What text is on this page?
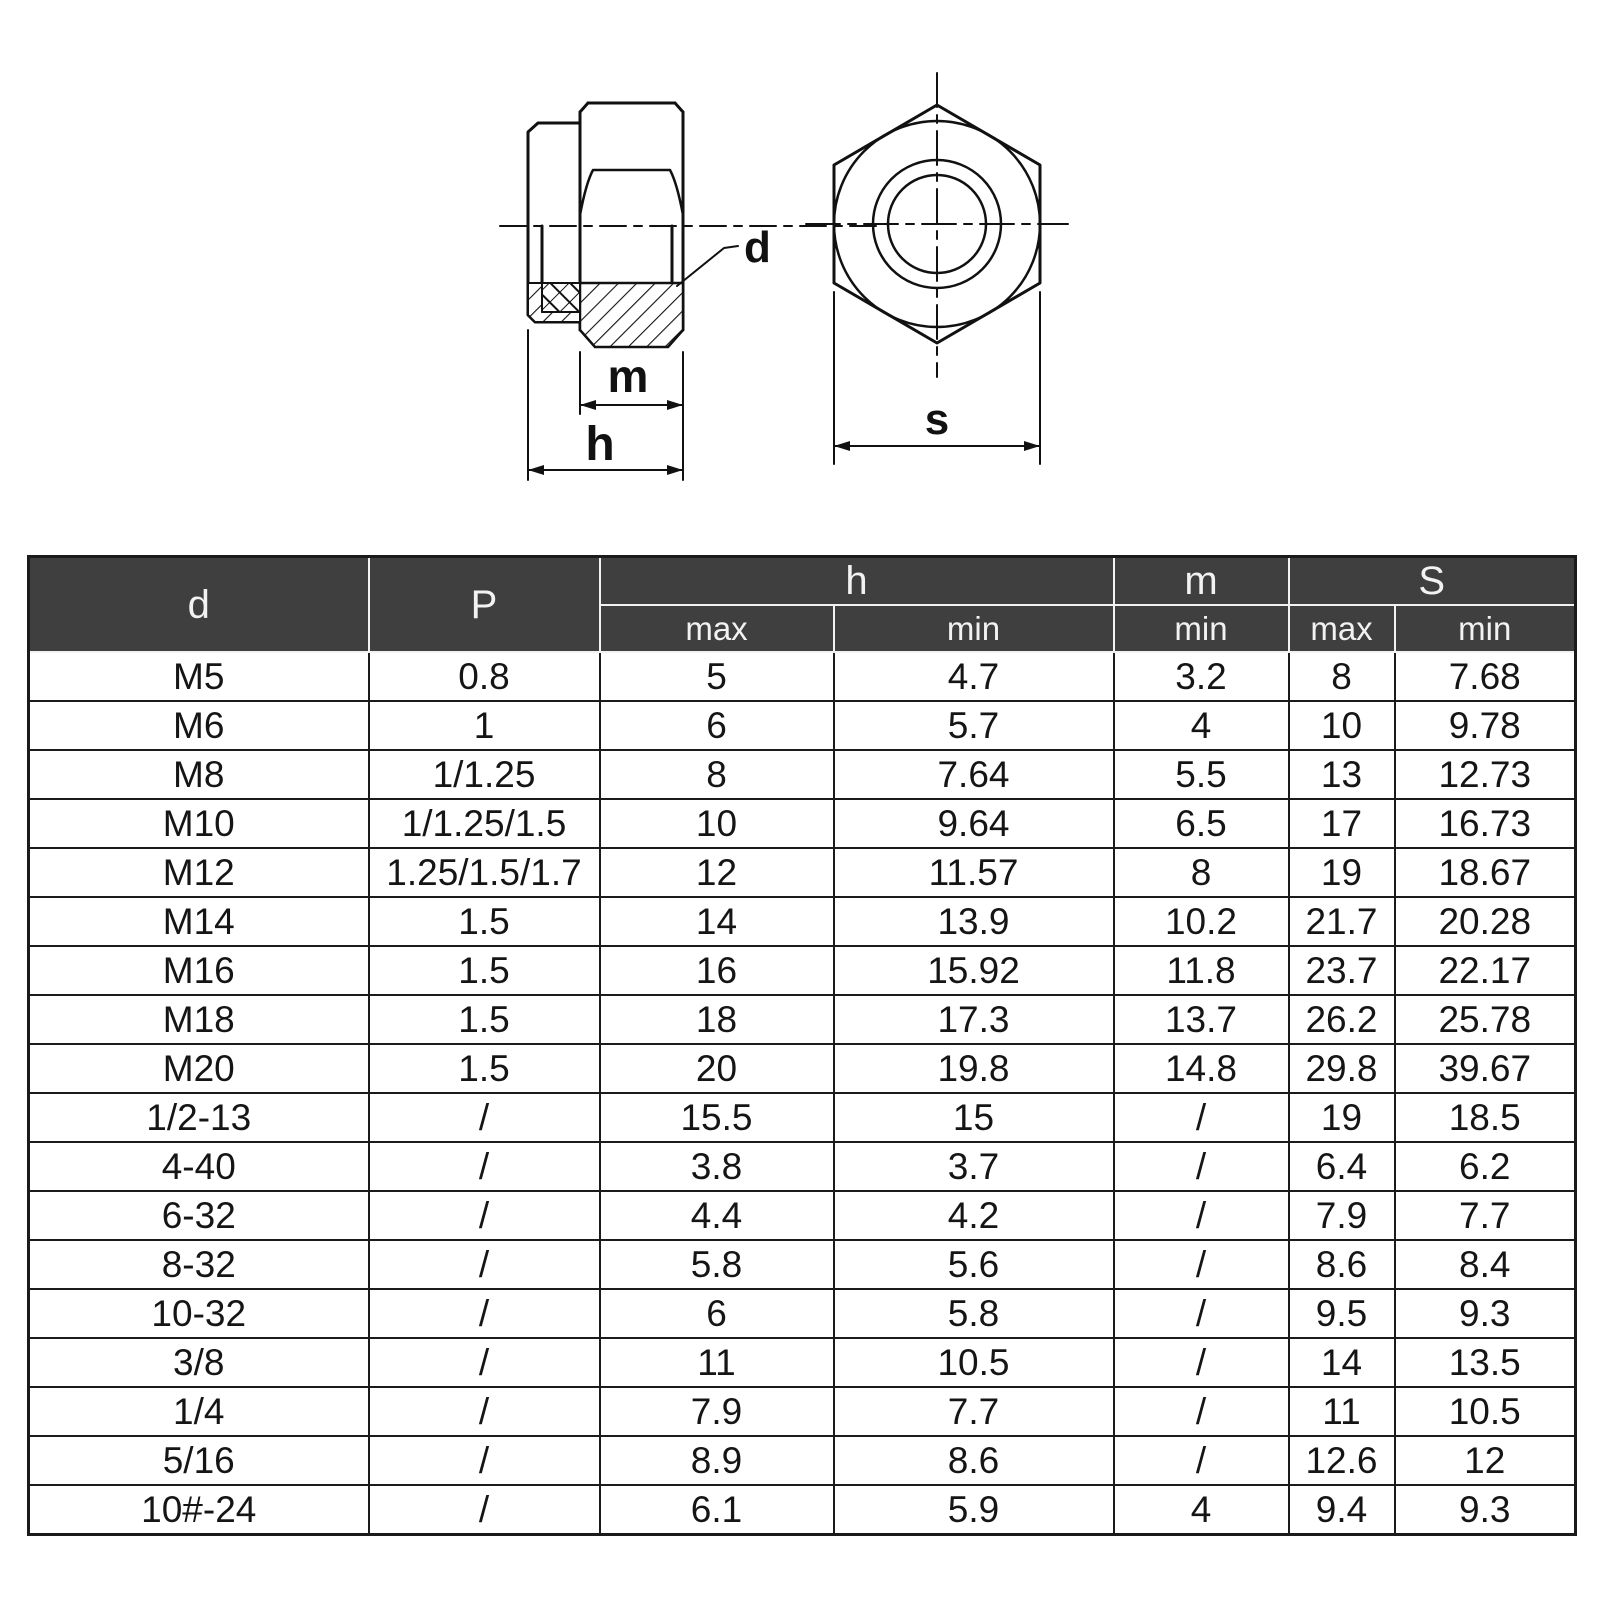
d
m
h	s
d	P	h		m	S	
		max	min	min	max	min
M5	0.8	5	4.7	3.2	8	7.68
M6	1	6	5.7	4	10	9.78
M8	1/1.25	8	7.64	5.5	13	12.73
M10	1/1.25/1.5	10	9.64	6.5	17	16.73
M12	1.25/1.5/1.7	12	11.57	8	19	18.67
M14	1.5	14	13.9	10.2	21.7	20.28
M16	1.5	16	15.92	11.8	23.7	22.17
M18	1.5	18	17.3	13.7	26.2	25.78
M20	1.5	20	19.8	14.8	29.8	39.67
1/2-13	/	15.5	15	/	19	18.5
4-40	/	3.8	3.7	/	6.4	6.2
6-32	/	4.4	4.2	/	7.9	7.7
8-32	/	5.8	5.6	/	8.6	8.4
10-32	/	6	5.8	/	9.5	9.3
3/8	/	11	10.5	/	14	13.5
1/4	/	7.9	7.7	/	11	10.5
5/16	/	8.9	8.6	/	12.6	12
10#-24	/	6.1	5.9	4	9.4	9.3
